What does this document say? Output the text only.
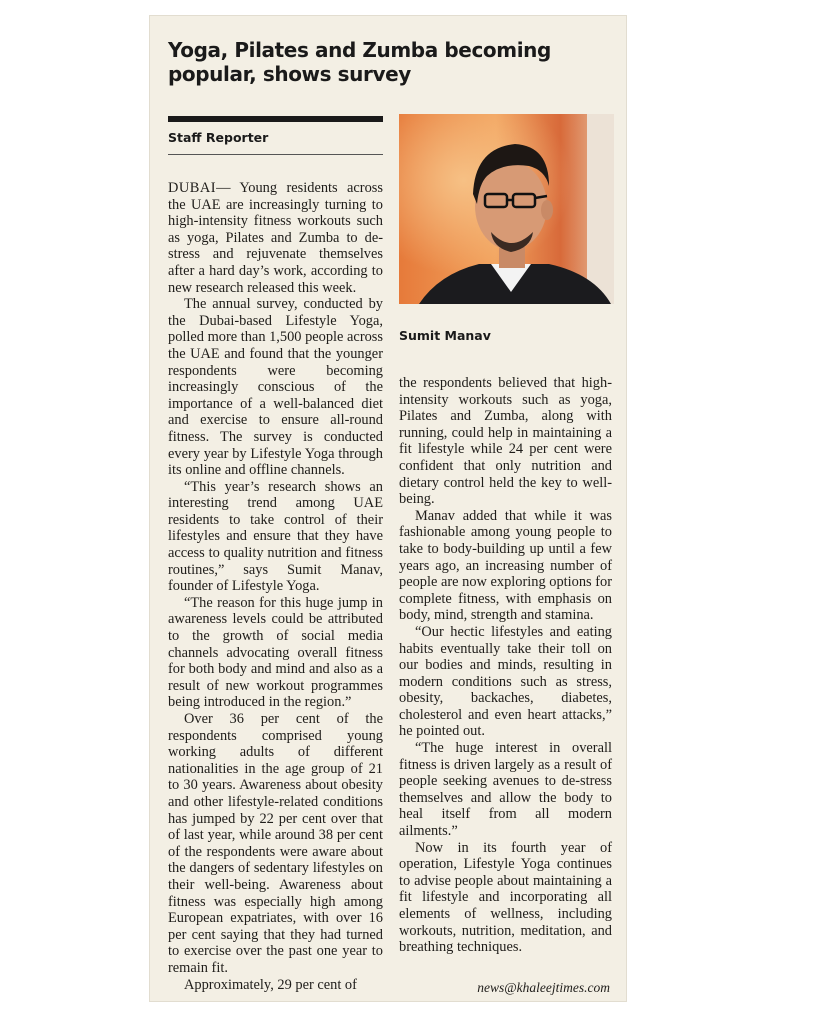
Yoga, Pilates and Zumba becoming popular, shows survey
Staff Reporter
Sumit Manav

DUBAI— Young residents across the UAE are increasingly turning to high-intensity fitness workouts such as yoga, Pilates and Zumba to de-stress and rejuvenate themselves after a hard day’s work, according to new research released this week.

The annual survey, conducted by the Dubai-based Lifestyle Yoga, polled more than 1,500 people across the UAE and found that the younger respondents were becoming increasingly conscious of the importance of a well-balanced diet and exercise to ensure all-round fitness. The survey is conducted every year by Lifestyle Yoga through its online and offline channels.

“This year’s research shows an interesting trend among UAE residents to take control of their lifestyles and ensure that they have access to quality nutrition and fitness routines,” says Sumit Manav, founder of Lifestyle Yoga.

“The reason for this huge jump in awareness levels could be attributed to the growth of social media channels advocating overall fitness for both body and mind and also as a result of new workout programmes being introduced in the region.”

Over 36 per cent of the respondents comprised young working adults of different nationalities in the age group of 21 to 30 years. Awareness about obesity and other lifestyle-related conditions has jumped by 22 per cent over that of last year, while around 38 per cent of the respondents were aware about the dangers of sedentary lifestyles on their well-being. Awareness about fitness was especially high among European expatriates, with over 16 per cent saying that they had turned to exercise over the past one year to remain fit.

Approximately, 29 per cent of

the respondents believed that high-intensity workouts such as yoga, Pilates and Zumba, along with running, could help in maintaining a fit lifestyle while 24 per cent were confident that only nutrition and dietary control held the key to well-being.

Manav added that while it was fashionable among young people to take to body-building up until a few years ago, an increasing number of people are now exploring options for complete fitness, with emphasis on body, mind, strength and stamina.

“Our hectic lifestyles and eating habits eventually take their toll on our bodies and minds, resulting in modern conditions such as stress, obesity, backaches, diabetes, cholesterol and even heart attacks,” he pointed out.

“The huge interest in overall fitness is driven largely as a result of people seeking avenues to de-stress themselves and allow the body to heal itself from all modern ailments.”

Now in its fourth year of operation, Lifestyle Yoga continues to advise people about maintaining a fit lifestyle and incorporating all elements of wellness, including workouts, nutrition, meditation, and breathing techniques.

news@khaleejtimes.com
